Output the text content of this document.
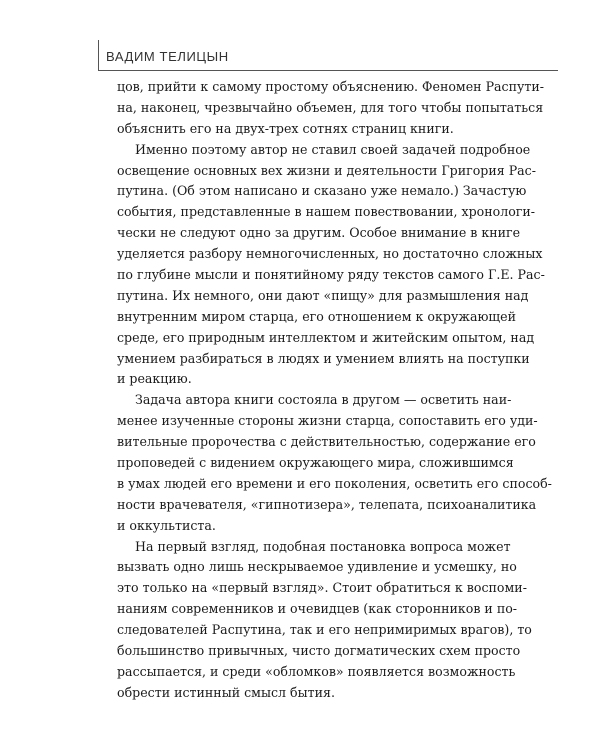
ВАДИМ ТЕЛИЦЫН
цов, прийти к самому простому объяснению. Феномен Распути-
на, наконец, чрезвычайно объемен, для того чтобы попытаться
объяснить его на двух-трех сотнях страниц книги.
Именно поэтому автор не ставил своей задачей подробное
освещение основных вех жизни и деятельности Григория Рас-
путина. (Об этом написано и сказано уже немало.) Зачастую
события, представленные в нашем повествовании, хронологи-
чески не следуют одно за другим. Особое внимание в книге
уделяется разбору немногочисленных, но достаточно сложных
по глубине мысли и понятийному ряду текстов самого Г.Е. Рас-
путина. Их немного, они дают «пищу» для размышления над
внутренним миром старца, его отношением к окружающей
среде, его природным интеллектом и житейским опытом, над
умением разбираться в людях и умением влиять на поступки
и реакцию.
Задача автора книги состояла в другом — осветить наи-
менее изученные стороны жизни старца, сопоставить его уди-
вительные пророчества с действительностью, содержание его
проповедей с видением окружающего мира, сложившимся
в умах людей его времени и его поколения, осветить его способ-
ности врачевателя, «гипнотизера», телепата, психоаналитика
и оккультиста.
На первый взгляд, подобная постановка вопроса может
вызвать одно лишь нескрываемое удивление и усмешку, но
это только на «первый взгляд». Стоит обратиться к воспоми-
наниям современников и очевидцев (как сторонников и по-
следователей Распутина, так и его непримиримых врагов), то
большинство привычных, чисто догматических схем просто
рассыпается, и среди «обломков» появляется возможность
обрести истинный смысл бытия.
